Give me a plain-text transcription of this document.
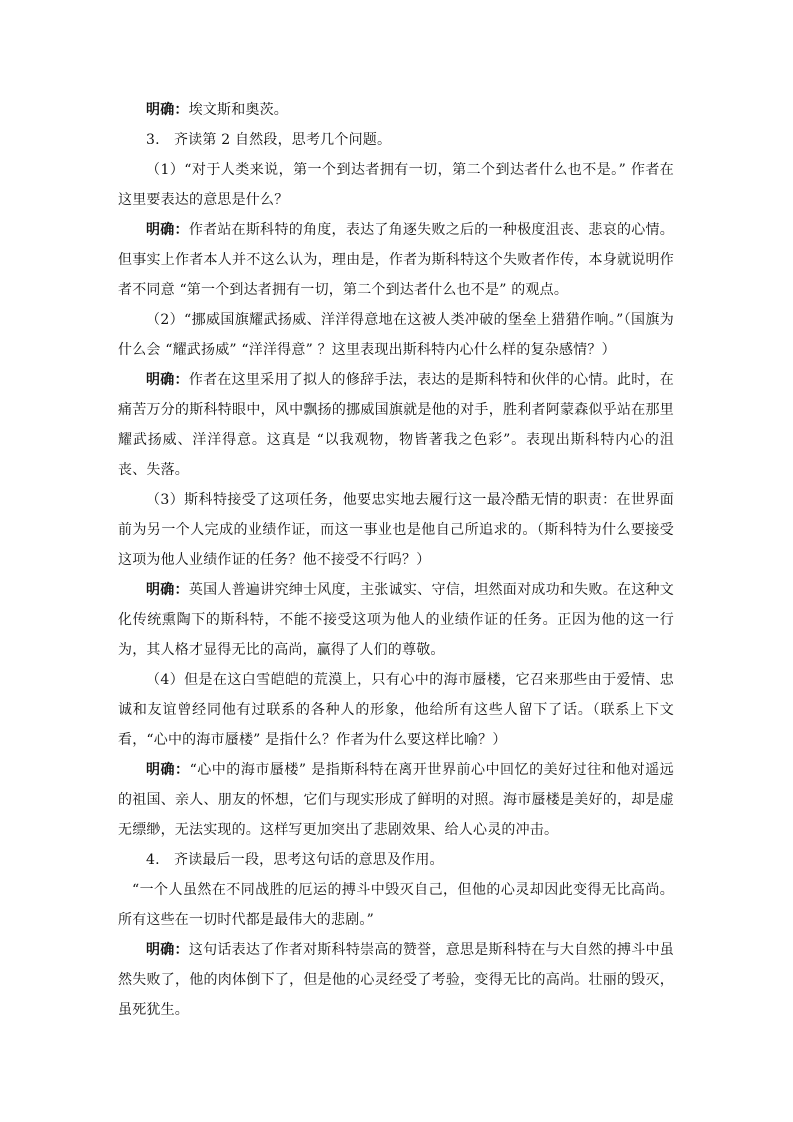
明确：埃文斯和奥茨。

3.　齐读第 2 自然段，思考几个问题。

（1）“对于人类来说，第一个到达者拥有一切，第二个到达者什么也不是。” 作者在这里要表达的意思是什么？

明确：作者站在斯科特的角度，表达了角逐失败之后的一种极度沮丧、悲哀的心情。但事实上作者本人并不这么认为，理由是，作者为斯科特这个失败者作传，本身就说明作者不同意 “第一个到达者拥有一切，第二个到达者什么也不是” 的观点。

（2）“挪威国旗耀武扬威、洋洋得意地在这被人类冲破的堡垒上猎猎作响。”（国旗为什么会 “耀武扬威” “洋洋得意” ？这里表现出斯科特内心什么样的复杂感情？）

明确：作者在这里采用了拟人的修辞手法，表达的是斯科特和伙伴的心情。此时，在痛苦万分的斯科特眼中，风中飘扬的挪威国旗就是他的对手，胜利者阿蒙森似乎站在那里耀武扬威、洋洋得意。这真是 “以我观物，物皆著我之色彩”。表现出斯科特内心的沮丧、失落。

（3）斯科特接受了这项任务，他要忠实地去履行这一最冷酷无情的职责：在世界面前为另一个人完成的业绩作证，而这一事业也是他自己所追求的。（斯科特为什么要接受这项为他人业绩作证的任务？他不接受不行吗？）

明确：英国人普遍讲究绅士风度，主张诚实、守信，坦然面对成功和失败。在这种文化传统熏陶下的斯科特，不能不接受这项为他人的业绩作证的任务。正因为他的这一行为，其人格才显得无比的高尚，赢得了人们的尊敬。

（4）但是在这白雪皑皑的荒漠上，只有心中的海市蜃楼，它召来那些由于爱情、忠诚和友谊曾经同他有过联系的各种人的形象，他给所有这些人留下了话。（联系上下文看，“心中的海市蜃楼” 是指什么？作者为什么要这样比喻？）

明确：“心中的海市蜃楼” 是指斯科特在离开世界前心中回忆的美好过往和他对遥远的祖国、亲人、朋友的怀想，它们与现实形成了鲜明的对照。海市蜃楼是美好的，却是虚无缥缈，无法实现的。这样写更加突出了悲剧效果、给人心灵的冲击。

4.　齐读最后一段，思考这句话的意思及作用。

“一个人虽然在不同战胜的厄运的搏斗中毁灭自己，但他的心灵却因此变得无比高尚。所有这些在一切时代都是最伟大的悲剧。”

明确：这句话表达了作者对斯科特崇高的赞誉，意思是斯科特在与大自然的搏斗中虽然失败了，他的肉体倒下了，但是他的心灵经受了考验，变得无比的高尚。壮丽的毁灭，虽死犹生。
